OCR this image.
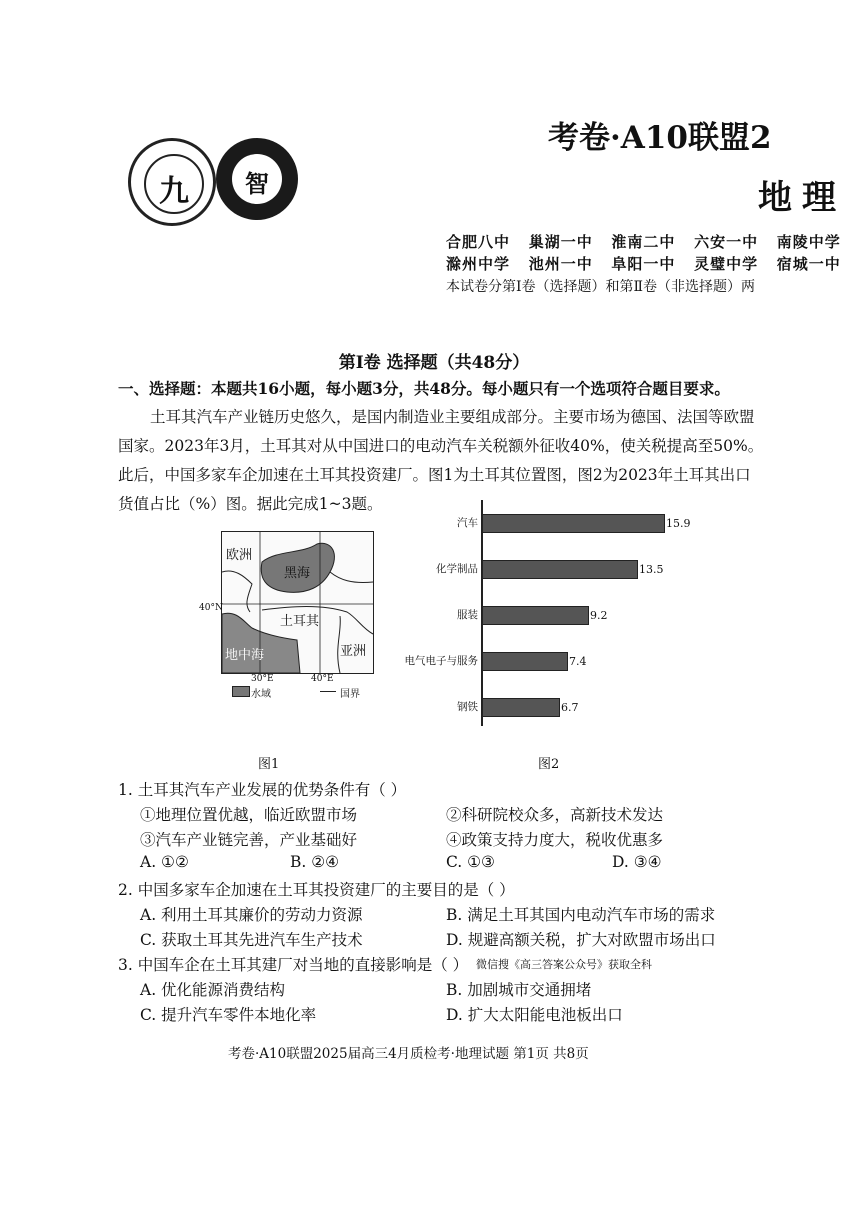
九	智
考卷·A10联盟2
地理
合肥八中 巢湖一中 淮南二中 六安一中 南陵中学
滁州中学 池州一中 阜阳一中 灵璧中学 宿城一中
本试卷分第Ⅰ卷（选择题）和第Ⅱ卷（非选择题）两
第Ⅰ卷 选择题（共48分）
一、选择题：本题共16小题，每小题3分，共48分。每小题只有一个选项符合题目要求。
土耳其汽车产业链历史悠久，是国内制造业主要组成部分。主要市场为德国、法国等欧盟
国家。2023年3月，土耳其对从中国进口的电动汽车关税额外征收40%，使关税提高至50%。
此后，中国多家车企加速在土耳其投资建厂。图1为土耳其位置图，图2为2023年土耳其出口
货值占比（%）图。据此完成1~3题。
欧洲
黑海
土耳其
地中海	亚洲
40°N
30°E	40°E
水域	国界
图1
汽车	15.9
化学制品	13.5
服装	9.2
电气电子与服务	7.4
钢铁	6.7
图2
1. 土耳其汽车产业发展的优势条件有（ ）
①地理位置优越，临近欧盟市场	②科研院校众多，高新技术发达
③汽车产业链完善，产业基础好	④政策支持力度大，税收优惠多
A. ①②	B. ②④	C. ①③	D. ③④
2. 中国多家车企加速在土耳其投资建厂的主要目的是（ ）
A. 利用土耳其廉价的劳动力资源	B. 满足土耳其国内电动汽车市场的需求
C. 获取土耳其先进汽车生产技术	D. 规避高额关税，扩大对欧盟市场出口
3. 中国车企在土耳其建厂对当地的直接影响是（ ） 微信搜《高三答案公众号》获取全科
A. 优化能源消费结构	B. 加剧城市交通拥堵
C. 提升汽车零件本地化率	D. 扩大太阳能电池板出口
考卷·A10联盟2025届高三4月质检考·地理试题 第1页 共8页
